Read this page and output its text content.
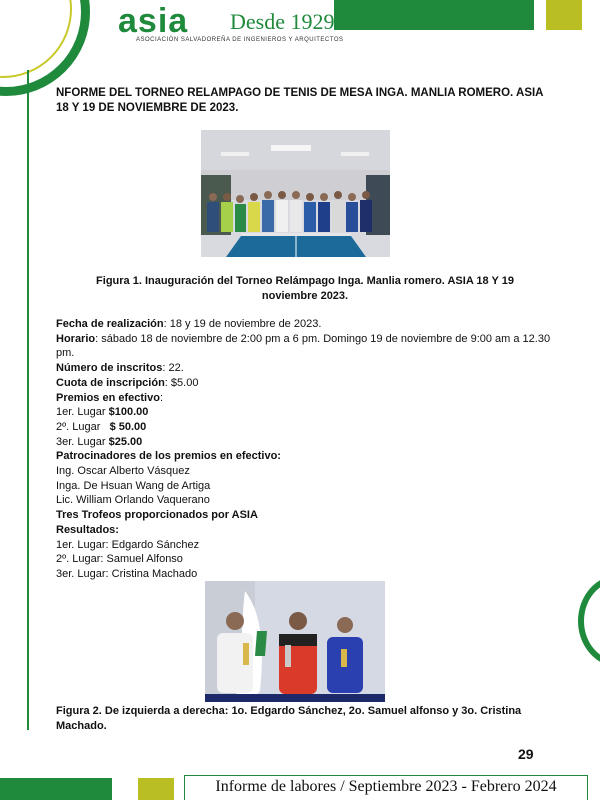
asia Desde 1929
ASOCIACIÓN SALVADOREÑA DE INGENIEROS Y ARQUITECTOS
NFORME DEL TORNEO RELAMPAGO DE TENIS DE MESA INGA. MANLIA ROMERO. ASIA 18 Y 19 DE NOVIEMBRE DE 2023.
Figura 1. Inauguración del Torneo Relámpago Inga. Manlia romero. ASIA 18 Y 19 noviembre 2023.
Fecha de realización: 18 y 19 de noviembre de 2023.
Horario: sábado 18 de noviembre de 2:00 pm a 6 pm. Domingo 19 de noviembre de 9:00 am a 12.30 pm.
Número de inscritos: 22.
Cuota de inscripción: $5.00
Premios en efectivo:
1er. Lugar $100.00
2º. Lugar   $ 50.00
3er. Lugar $25.00
Patrocinadores de los premios en efectivo:
Ing. Oscar Alberto Vásquez
Inga. De Hsuan Wang de Artiga
Lic. William Orlando Vaquerano
Tres Trofeos proporcionados por ASIA
Resultados:
1er. Lugar: Edgardo Sánchez
2º. Lugar: Samuel Alfonso
3er. Lugar: Cristina Machado
Figura 2. De izquierda a derecha: 1o. Edgardo Sánchez, 2o. Samuel alfonso y 3o. Cristina Machado.
29
Informe de labores / Septiembre 2023 - Febrero 2024
